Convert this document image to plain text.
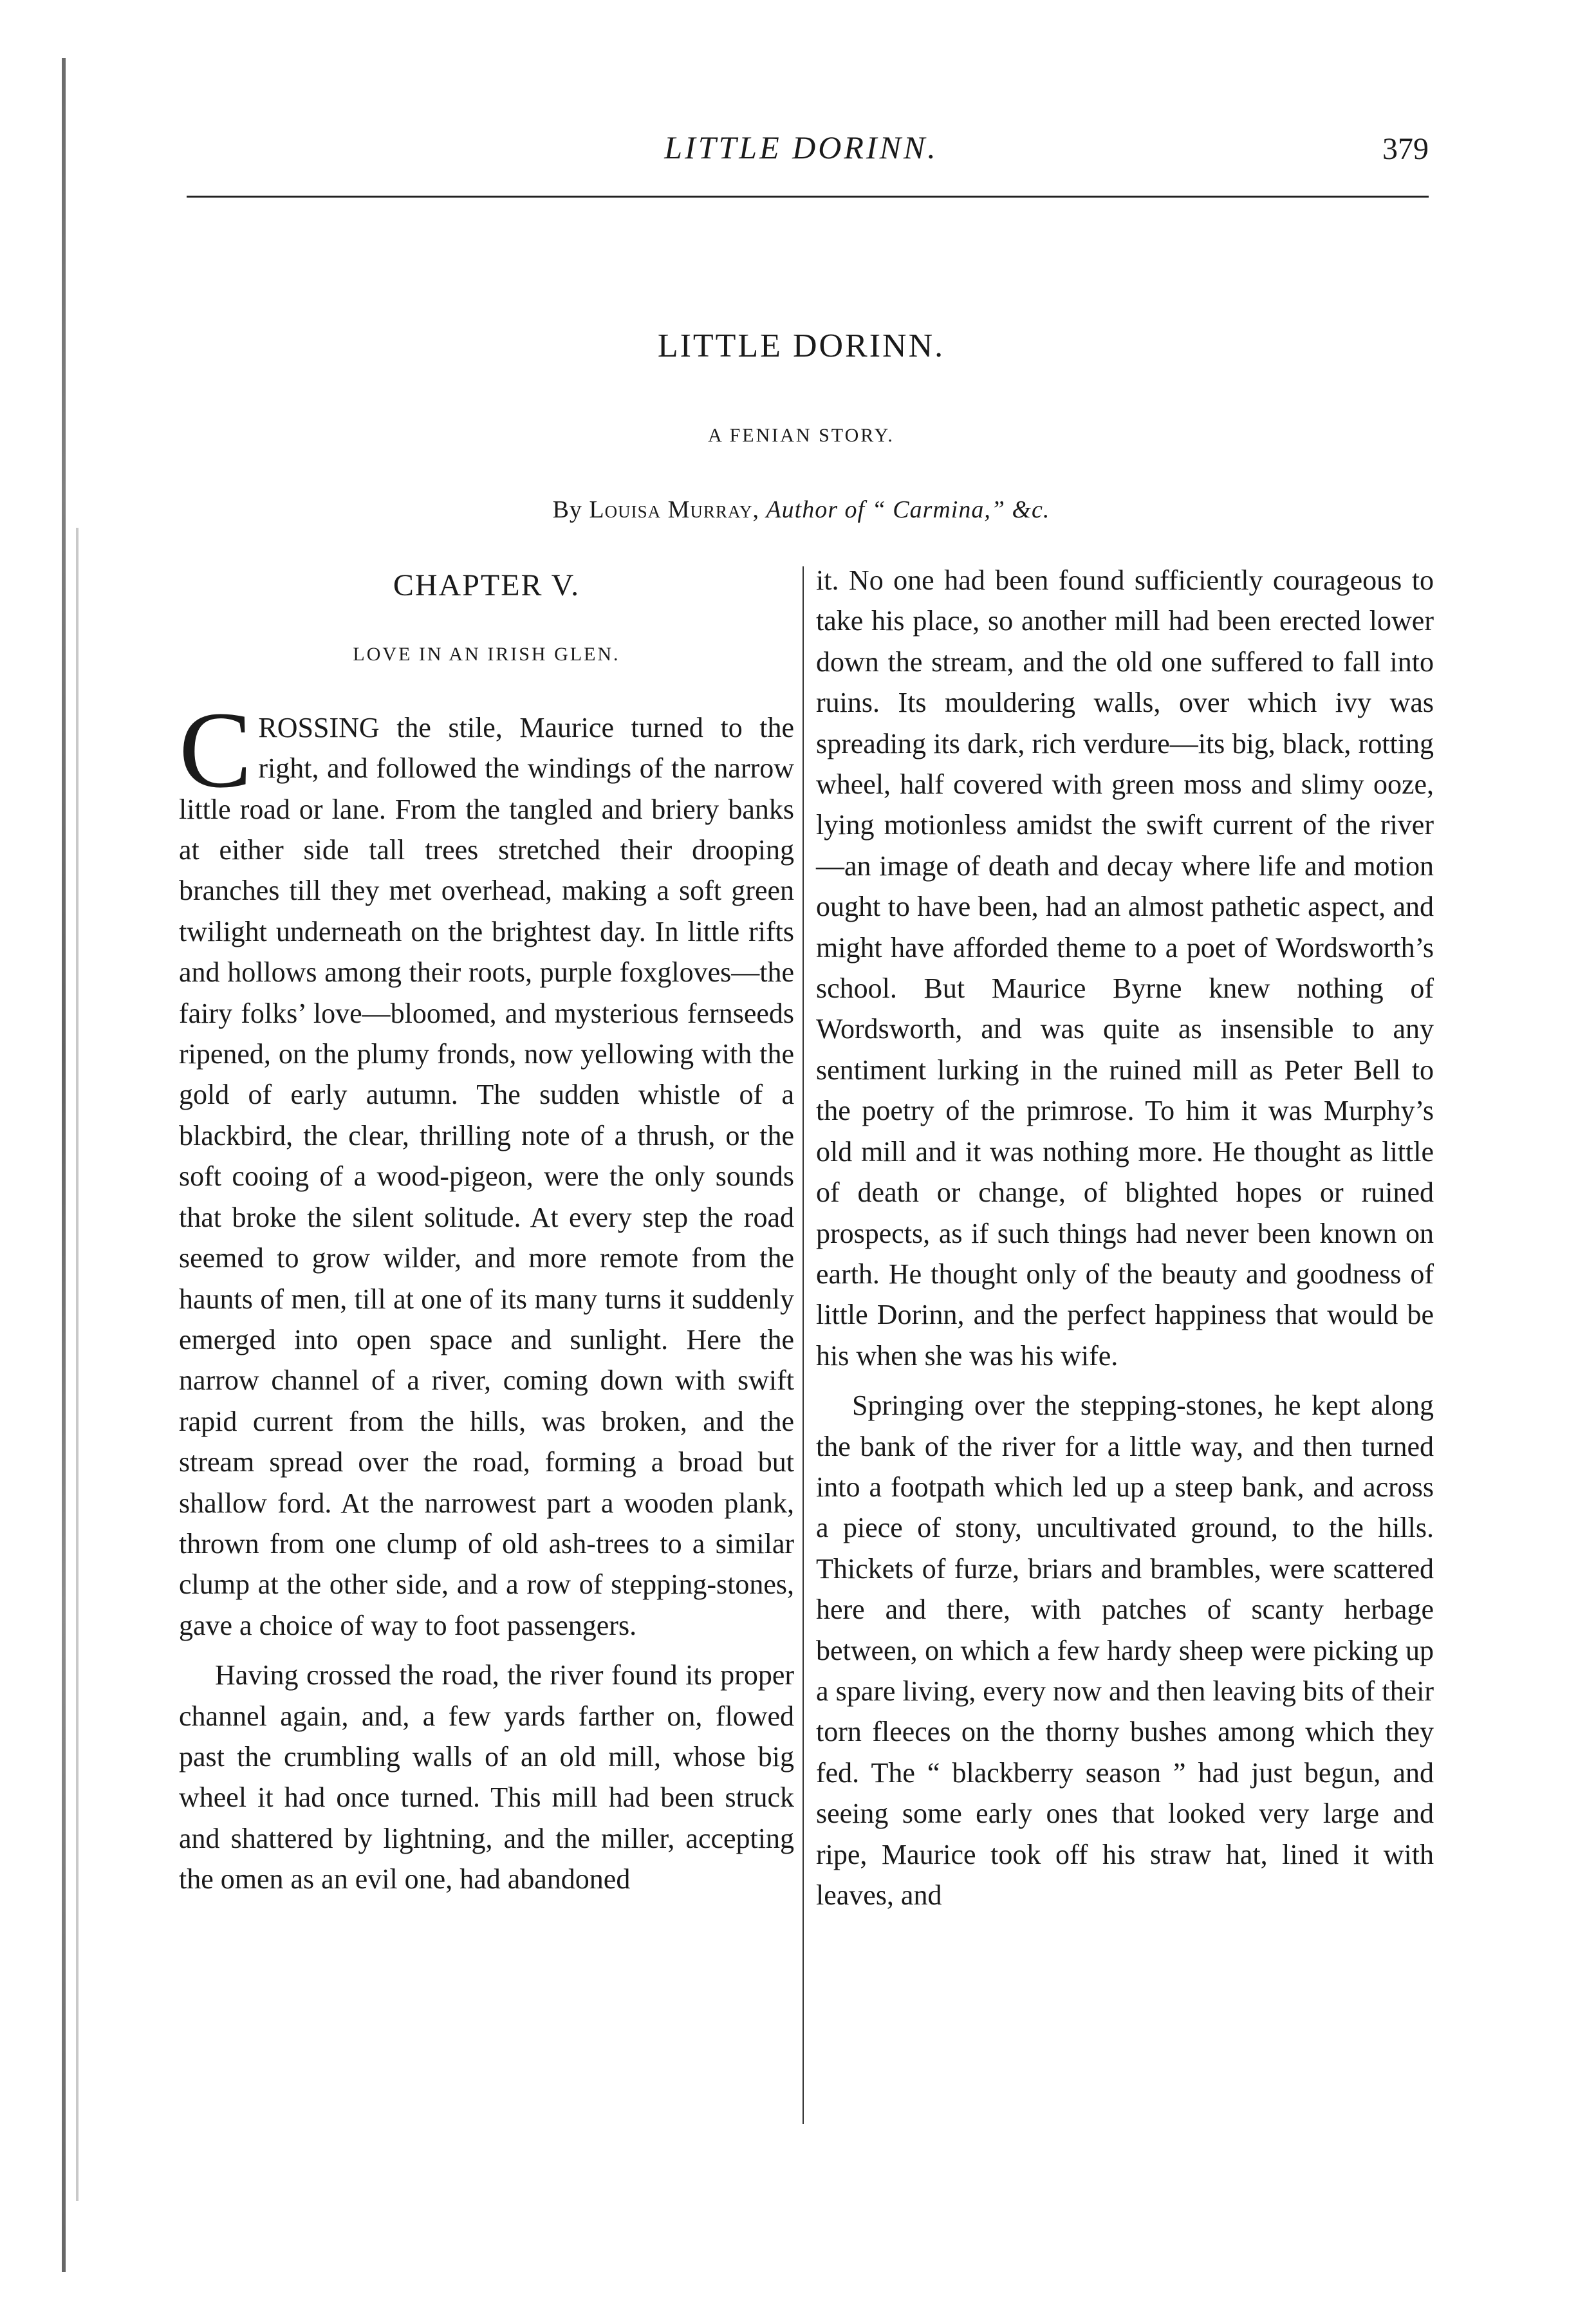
LITTLE DORINN.	379
LITTLE DORINN.
A FENIAN STORY.
By Louisa Murray, Author of “ Carmina,” &c.
CHAPTER V.
LOVE IN AN IRISH GLEN.

CROSSING the stile, Maurice turned to the right, and followed the windings of the narrow little road or lane. From the tangled and briery banks at either side tall trees stretched their drooping branches till they met overhead, making a soft green twilight underneath on the brightest day. In little rifts and hollows among their roots, purple foxgloves—the fairy folks’ love—bloomed, and mysterious fernseeds ripened, on the plumy fronds, now yellowing with the gold of early autumn. The sudden whistle of a blackbird, the clear, thrilling note of a thrush, or the soft cooing of a wood-pigeon, were the only sounds that broke the silent solitude. At every step the road seemed to grow wilder, and more remote from the haunts of men, till at one of its many turns it suddenly emerged into open space and sunlight. Here the narrow channel of a river, coming down with swift rapid current from the hills, was broken, and the stream spread over the road, forming a broad but shallow ford. At the narrowest part a wooden plank, thrown from one clump of old ash-trees to a similar clump at the other side, and a row of stepping-stones, gave a choice of way to foot passengers.

Having crossed the road, the river found its proper channel again, and, a few yards farther on, flowed past the crumbling walls of an old mill, whose big wheel it had once turned. This mill had been struck and shattered by lightning, and the miller, accepting the omen as an evil one, had abandoned

it. No one had been found sufficiently courageous to take his place, so another mill had been erected lower down the stream, and the old one suffered to fall into ruins. Its mouldering walls, over which ivy was spreading its dark, rich verdure—its big, black, rotting wheel, half covered with green moss and slimy ooze, lying motionless amidst the swift current of the river—an image of death and decay where life and motion ought to have been, had an almost pathetic aspect, and might have afforded theme to a poet of Wordsworth’s school. But Maurice Byrne knew nothing of Wordsworth, and was quite as insensible to any sentiment lurking in the ruined mill as Peter Bell to the poetry of the primrose. To him it was Murphy’s old mill and it was nothing more. He thought as little of death or change, of blighted hopes or ruined prospects, as if such things had never been known on earth. He thought only of the beauty and goodness of little Dorinn, and the perfect happiness that would be his when she was his wife.

Springing over the stepping-stones, he kept along the bank of the river for a little way, and then turned into a footpath which led up a steep bank, and across a piece of stony, uncultivated ground, to the hills. Thickets of furze, briars and brambles, were scattered here and there, with patches of scanty herbage between, on which a few hardy sheep were picking up a spare living, every now and then leaving bits of their torn fleeces on the thorny bushes among which they fed. The “ blackberry season ” had just begun, and seeing some early ones that looked very large and ripe, Maurice took off his straw hat, lined it with leaves, and
